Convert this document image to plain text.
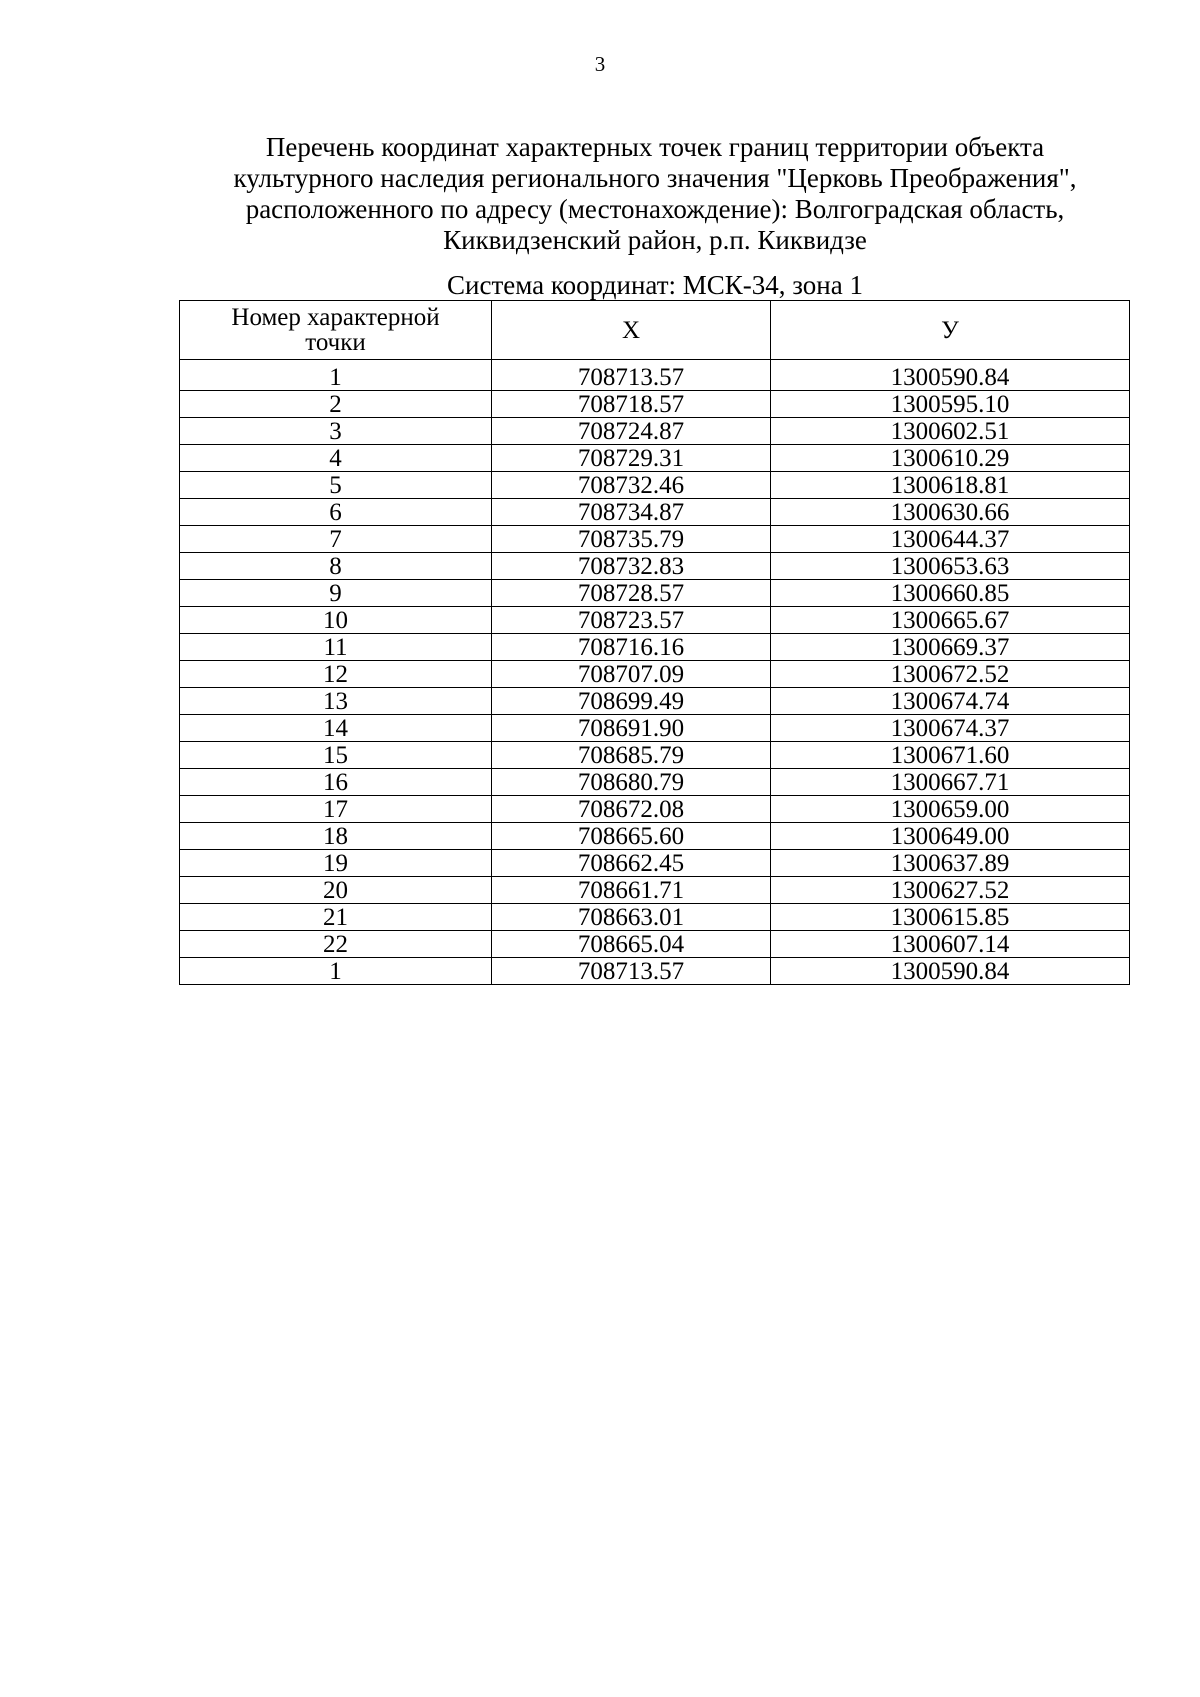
3
Перечень координат характерных точек границ территории объекта
культурного наследия регионального значения "Церковь Преображения",
расположенного по адресу (местонахождение): Волгоградская область,
Киквидзенский район, р.п. Киквидзе
Система координат: МСК-34, зона 1
Номер характерной
точки	Х	У
1	708713.57	1300590.84
2	708718.57	1300595.10
3	708724.87	1300602.51
4	708729.31	1300610.29
5	708732.46	1300618.81
6	708734.87	1300630.66
7	708735.79	1300644.37
8	708732.83	1300653.63
9	708728.57	1300660.85
10	708723.57	1300665.67
11	708716.16	1300669.37
12	708707.09	1300672.52
13	708699.49	1300674.74
14	708691.90	1300674.37
15	708685.79	1300671.60
16	708680.79	1300667.71
17	708672.08	1300659.00
18	708665.60	1300649.00
19	708662.45	1300637.89
20	708661.71	1300627.52
21	708663.01	1300615.85
22	708665.04	1300607.14
1	708713.57	1300590.84
